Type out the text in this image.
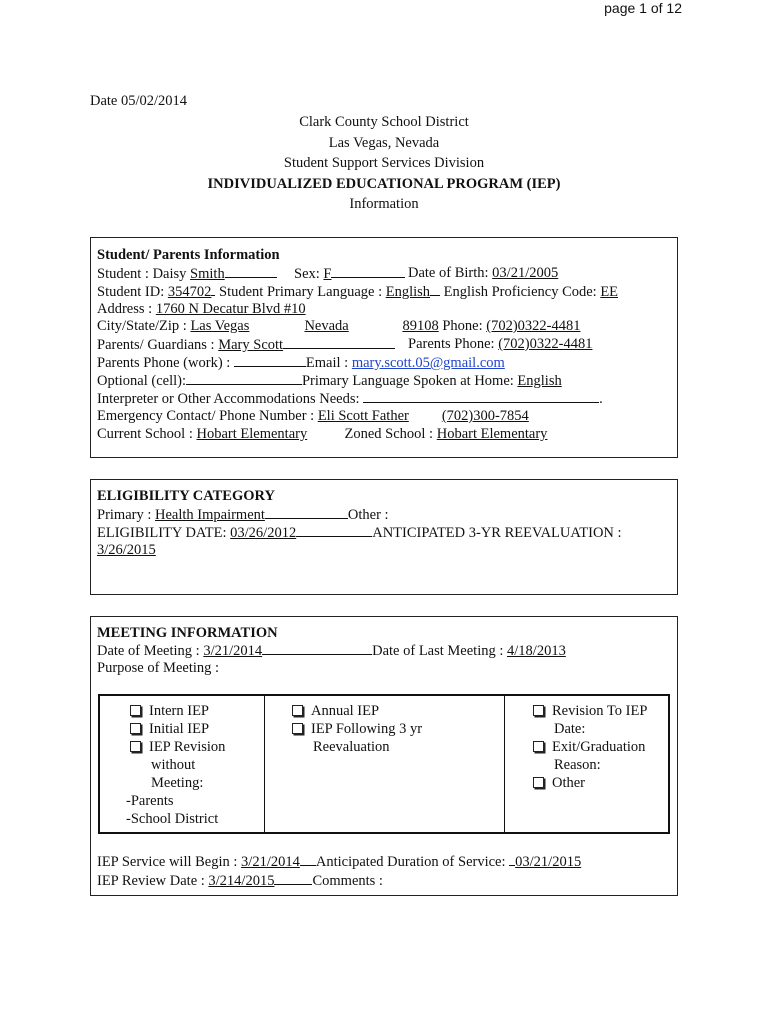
page 1 of 12
Date 05/02/2014
Clark County School District
Las Vegas, Nevada
Student Support Services Division
INDIVIDUALIZED EDUCATIONAL PROGRAM (IEP)
Information
Student/ Parents Information
Student : Daisy Smith	Sex: F	Date of Birth: 03/21/2005
Student ID: 354702 Student Primary Language : English English Proficiency Code: EE
Address : 1760 N Decatur Blvd #10
City/State/Zip : Las Vegas	Nevada	89108 Phone: (702)0322-4481
Parents/ Guardians : Mary Scott	Parents Phone: (702)0322-4481
Parents Phone (work) :	Email : mary.scott.05@gmail.com
Optional (cell):	Primary Language Spoken at Home: English
Interpreter or Other Accommodations Needs:	.
Emergency Contact/ Phone Number : Eli Scott Father (702)300-7854
Current School : Hobart Elementary	Zoned School : Hobart Elementary
ELIGIBILITY CATEGORY
Primary : Health Impairment	Other :
ELIGIBILITY DATE: 03/26/2012	ANTICIPATED 3-YR REEVALUATION :
3/26/2015
MEETING INFORMATION
Date of Meeting : 3/21/2014	Date of Last Meeting : 4/18/2013
Purpose of Meeting :
Intern IEP
Initial IEP
IEP Revision
without
Meeting:
-Parents
-School District
Annual IEP
IEP Following 3 yr
Reevaluation
Revision To IEP
Date:
Exit/Graduation
Reason:
Other
IEP Service will Begin : 3/21/2014 Anticipated Duration of Service: 03/21/2015
IEP Review Date : 3/214/2015	Comments :
